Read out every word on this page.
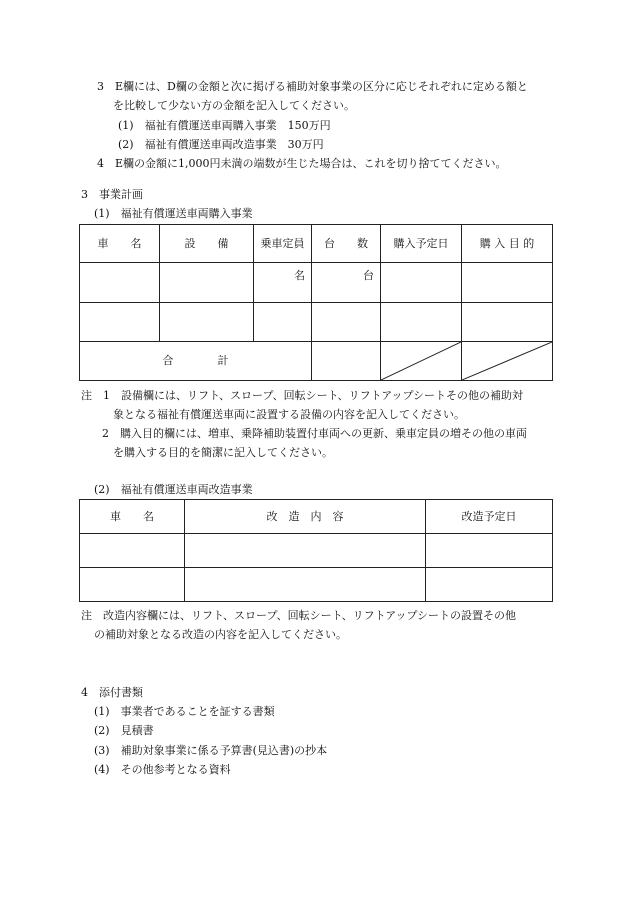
3　E欄には、D欄の金額と次に掲げる補助対象事業の区分に応じそれぞれに定める額と
を比較して少ない方の金額を記入してください。
(1)　福祉有償運送車両購入事業　150万円
(2)　福祉有償運送車両改造事業　30万円
4　E欄の金額に1,000円未満の端数が生じた場合は、これを切り捨ててください。
3　事業計画
(1)　福祉有償運送車両購入事業
車　　名	設　　備	乗車定員	台　　数	購入予定日	購 入 目 的
		名	台		

合　　　　計		

注　1　設備欄には、リフト、スロープ、回転シート、リフトアップシートその他の補助対
象となる福祉有償運送車両に設置する設備の内容を記入してください。
2　購入目的欄には、増車、乗降補助装置付車両への更新、乗車定員の増その他の車両
を購入する目的を簡潔に記入してください。
(2)　福祉有償運送車両改造事業
車　　名	改　造　内　容	改造予定日

注　改造内容欄には、リフト、スロープ、回転シート、リフトアップシートの設置その他
の補助対象となる改造の内容を記入してください。
4　添付書類
(1)　事業者であることを証する書類
(2)　見積書
(3)　補助対象事業に係る予算書(見込書)の抄本
(4)　その他参考となる資料
